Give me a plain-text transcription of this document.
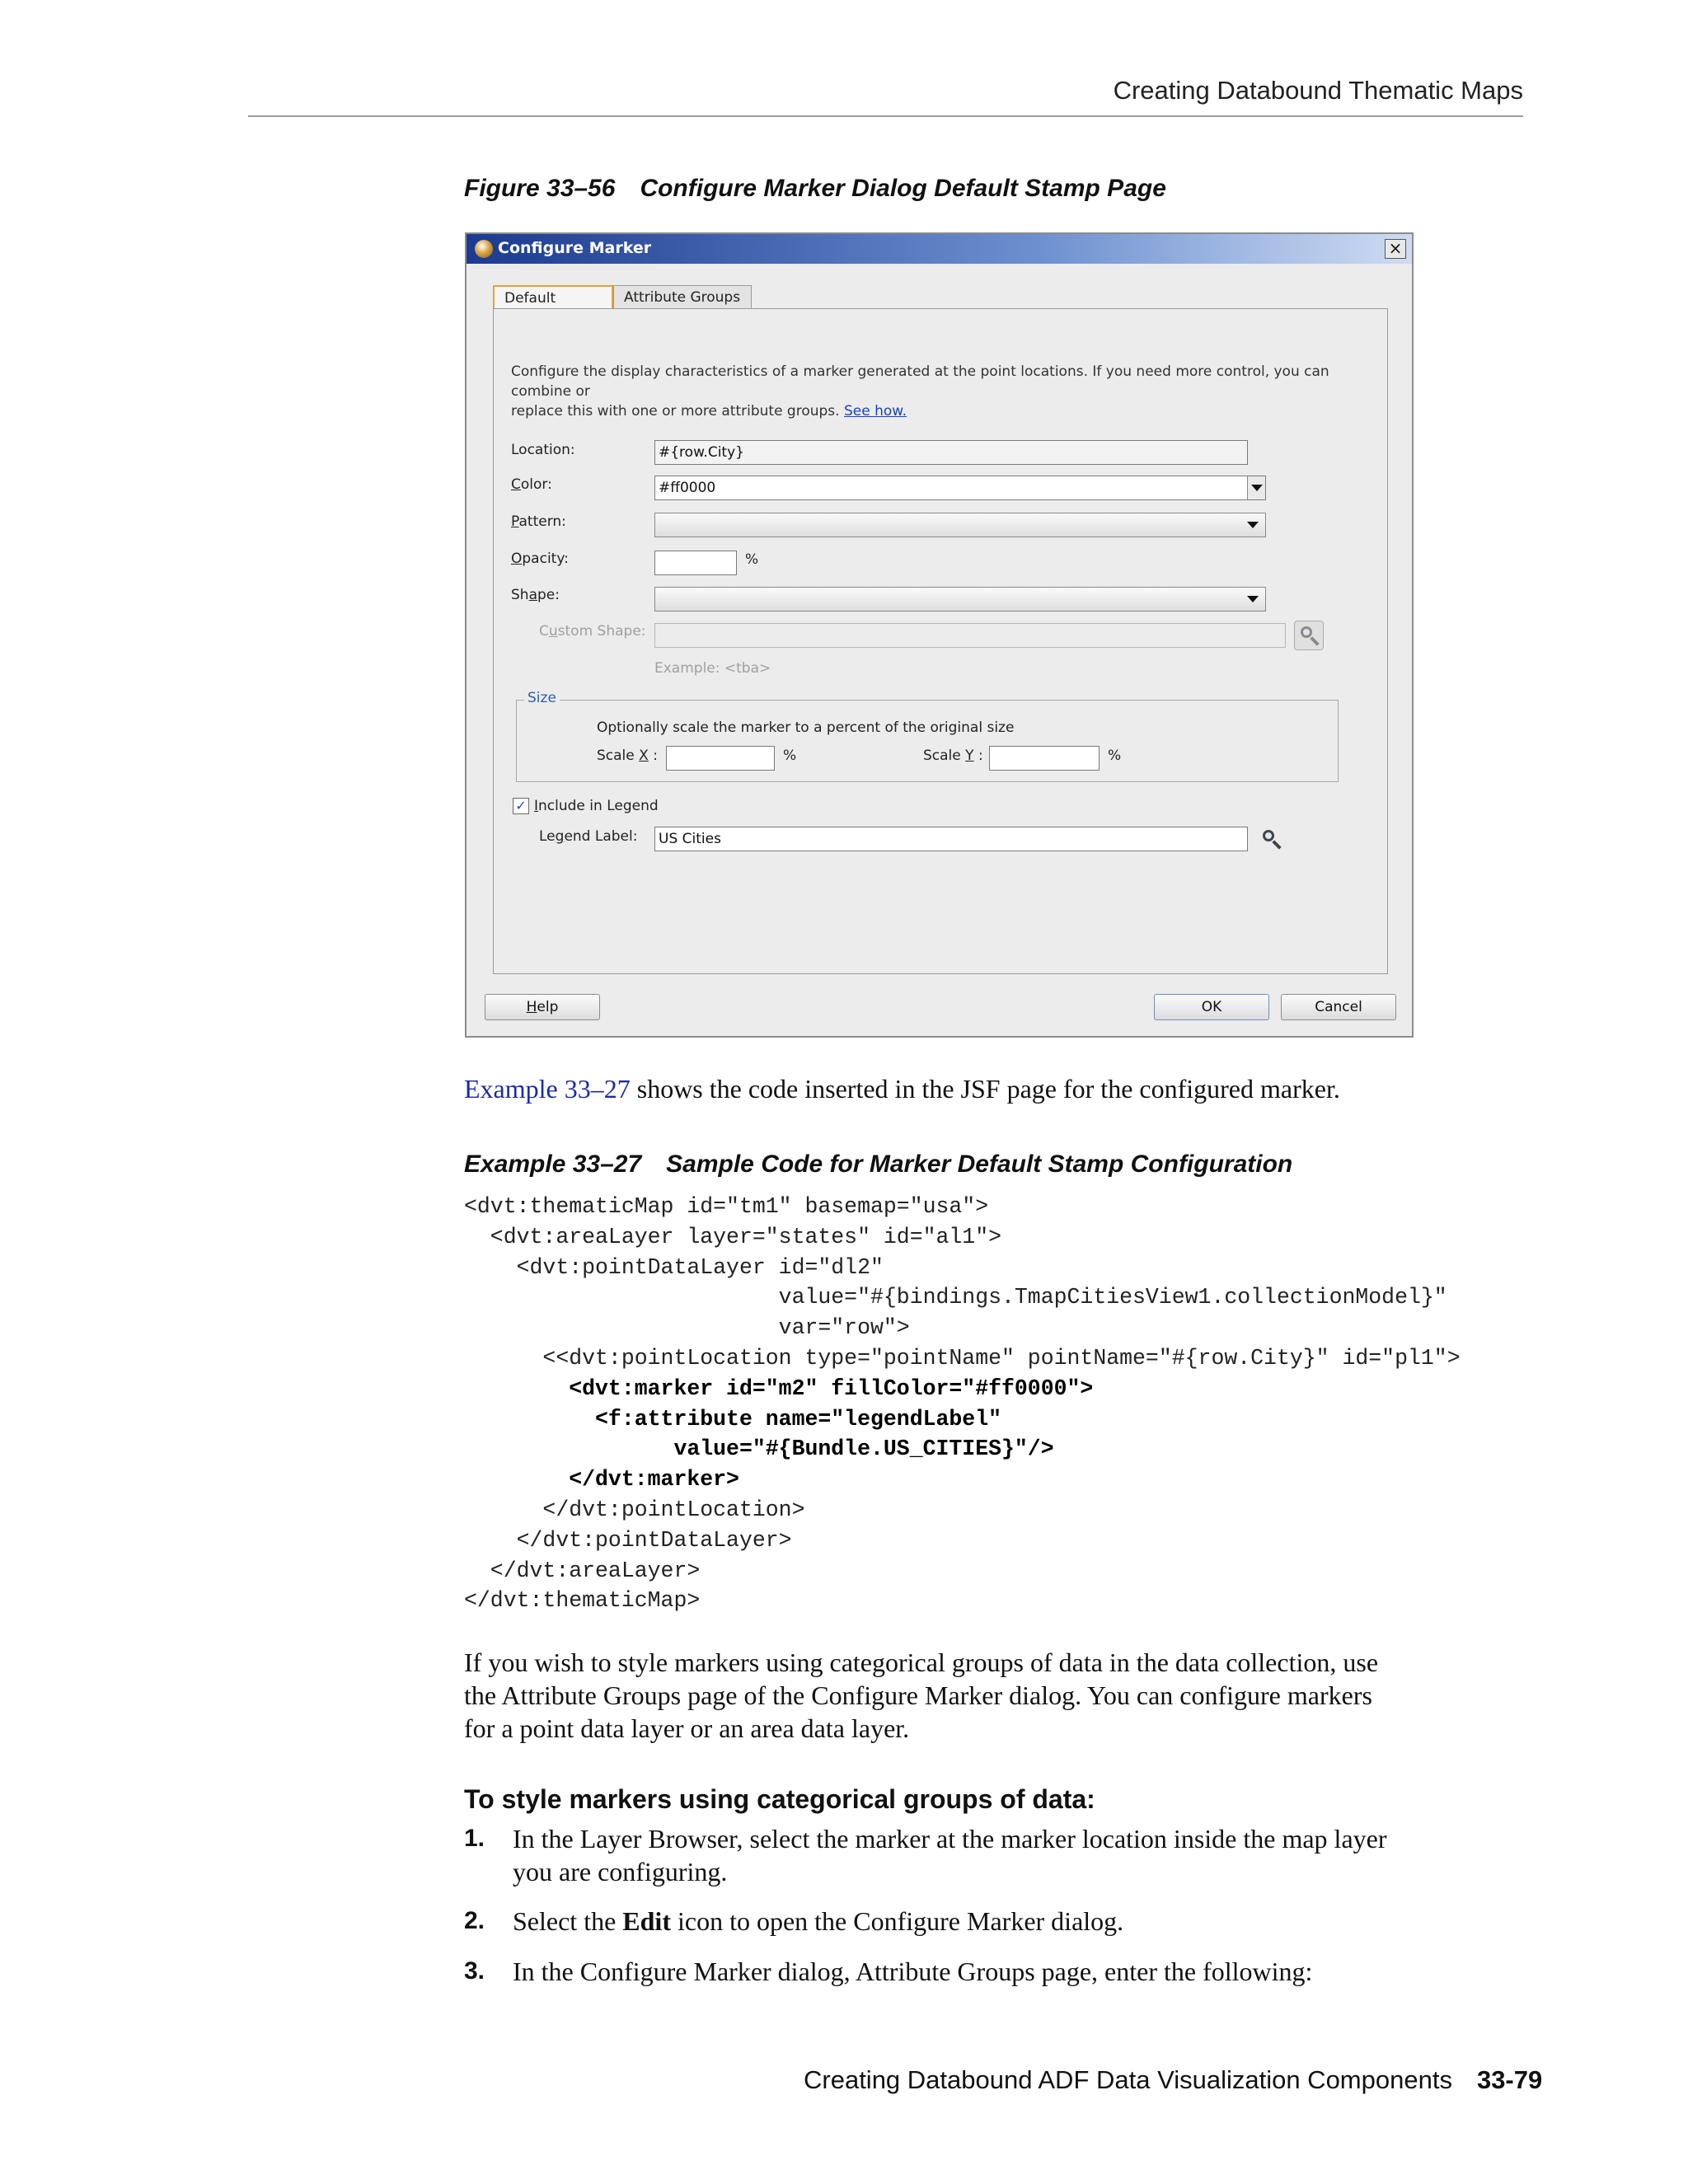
Creating Databound Thematic Maps
Figure 33–56 Configure Marker Dialog Default Stamp Page
Configure Marker	×
Default	Attribute Groups
Configure the display characteristics of a marker generated at the point locations. If you need more control, you can combine or
replace this with one or more attribute groups. See how.
Location:	#{row.City}
Color:	#ff0000
Pattern:
Opacity:	%
Shape:
Custom Shape:
Example: <tba>
Size
Optionally scale the marker to a percent of the original size
Scale X :	%	Scale Y :	%
✓ Include in Legend
Legend Label: US Cities
Help	OK	Cancel
Example 33–27 shows the code inserted in the JSF page for the configured marker.
Example 33–27 Sample Code for Marker Default Stamp Configuration
<dvt:thematicMap id="tm1" basemap="usa">
<dvt:areaLayer layer="states" id="al1">
<dvt:pointDataLayer id="dl2"
value="#{bindings.TmapCitiesView1.collectionModel}"
var="row">
<<dvt:pointLocation type="pointName" pointName="#{row.City}" id="pl1">
<dvt:marker id="m2" fillColor="#ff0000">
<f:attribute name="legendLabel"
value="#{Bundle.US_CITIES}"/>
</dvt:marker>
</dvt:pointLocation>
</dvt:pointDataLayer>
</dvt:areaLayer>
</dvt:thematicMap>

If you wish to style markers using categorical groups of data in the data collection, use
the Attribute Groups page of the Configure Marker dialog. You can configure markers
for a point data layer or an area data layer.
To style markers using categorical groups of data:
1. In the Layer Browser, select the marker at the marker location inside the map layer
you are configuring.
2. Select the Edit icon to open the Configure Marker dialog.
3. In the Configure Marker dialog, Attribute Groups page, enter the following:
Creating Databound ADF Data Visualization Components 33-79
